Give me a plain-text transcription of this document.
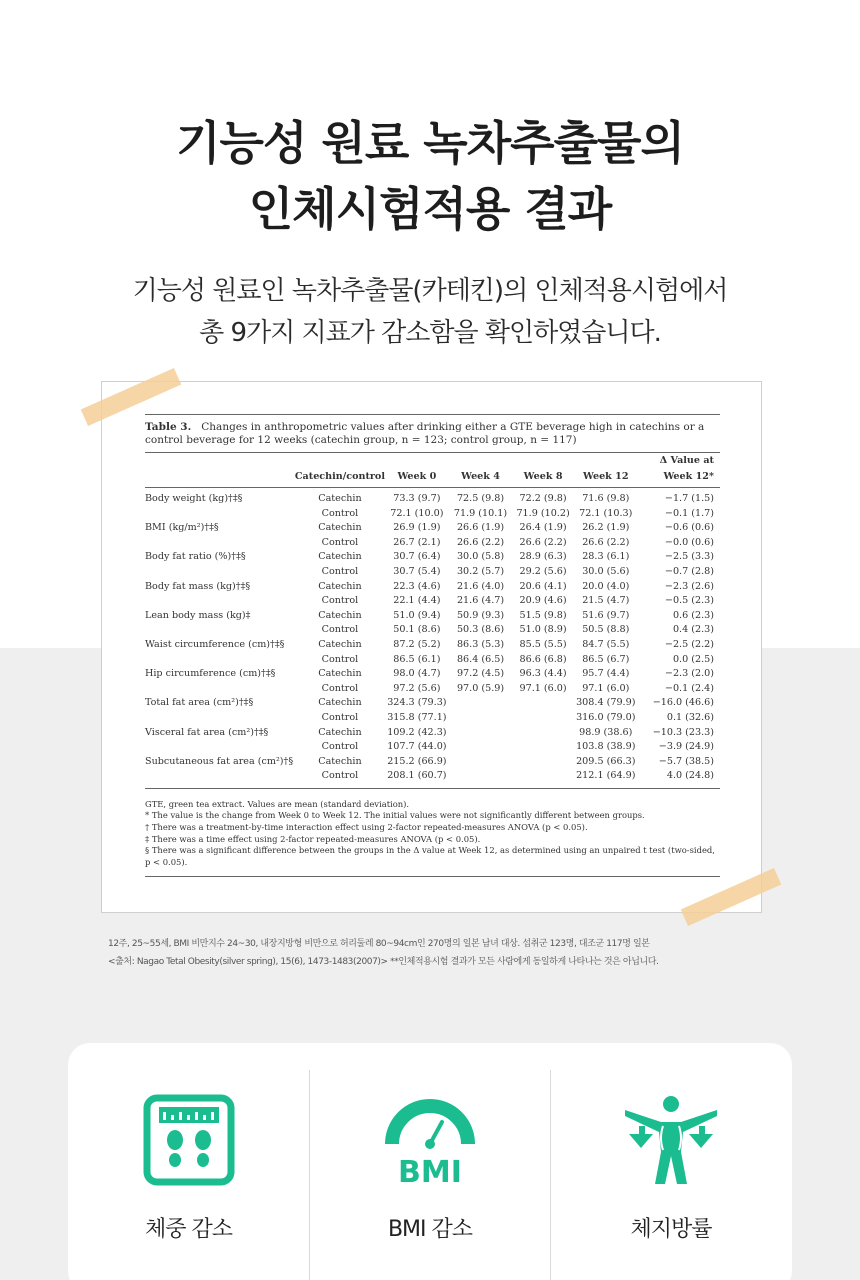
기능성 원료 녹차추출물의
인체시험적용 결과
기능성 원료인 녹차추출물(카테킨)의 인체적용시험에서
총 9가지 지표가 감소함을 확인하였습니다.
Table 3. Changes in anthropometric values after drinking either a GTE beverage high in catechins or a control beverage for 12 weeks (catechin group, n = 123; control group, n = 117)
						Δ Value at
	Catechin/control	Week 0	Week 4	Week 8	Week 12	Week 12*
Body weight (kg)†‡§	Catechin	73.3 (9.7)	72.5 (9.8)	72.2 (9.8)	71.6 (9.8)	−1.7 (1.5)
	Control	72.1 (10.0)	71.9 (10.1)	71.9 (10.2)	72.1 (10.3)	−0.1 (1.7)
BMI (kg/m²)†‡§	Catechin	26.9 (1.9)	26.6 (1.9)	26.4 (1.9)	26.2 (1.9)	−0.6 (0.6)
	Control	26.7 (2.1)	26.6 (2.2)	26.6 (2.2)	26.6 (2.2)	−0.0 (0.6)
Body fat ratio (%)†‡§	Catechin	30.7 (6.4)	30.0 (5.8)	28.9 (6.3)	28.3 (6.1)	−2.5 (3.3)
	Control	30.7 (5.4)	30.2 (5.7)	29.2 (5.6)	30.0 (5.6)	−0.7 (2.8)
Body fat mass (kg)†‡§	Catechin	22.3 (4.6)	21.6 (4.0)	20.6 (4.1)	20.0 (4.0)	−2.3 (2.6)
	Control	22.1 (4.4)	21.6 (4.7)	20.9 (4.6)	21.5 (4.7)	−0.5 (2.3)
Lean body mass (kg)‡	Catechin	51.0 (9.4)	50.9 (9.3)	51.5 (9.8)	51.6 (9.7)	0.6 (2.3)
	Control	50.1 (8.6)	50.3 (8.6)	51.0 (8.9)	50.5 (8.8)	0.4 (2.3)
Waist circumference (cm)†‡§	Catechin	87.2 (5.2)	86.3 (5.3)	85.5 (5.5)	84.7 (5.5)	−2.5 (2.2)
	Control	86.5 (6.1)	86.4 (6.5)	86.6 (6.8)	86.5 (6.7)	0.0 (2.5)
Hip circumference (cm)†‡§	Catechin	98.0 (4.7)	97.2 (4.5)	96.3 (4.4)	95.7 (4.4)	−2.3 (2.0)
	Control	97.2 (5.6)	97.0 (5.9)	97.1 (6.0)	97.1 (6.0)	−0.1 (2.4)
Total fat area (cm²)†‡§	Catechin	324.3 (79.3)			308.4 (79.9)	−16.0 (46.6)
	Control	315.8 (77.1)			316.0 (79.0)	0.1 (32.6)
Visceral fat area (cm²)†‡§	Catechin	109.2 (42.3)			98.9 (38.6)	−10.3 (23.3)
	Control	107.7 (44.0)			103.8 (38.9)	−3.9 (24.9)
Subcutaneous fat area (cm²)†§	Catechin	215.2 (66.9)			209.5 (66.3)	−5.7 (38.5)
	Control	208.1 (60.7)			212.1 (64.9)	4.0 (24.8)
GTE, green tea extract. Values are mean (standard deviation).
* The value is the change from Week 0 to Week 12. The initial values were not significantly different between groups.
† There was a treatment-by-time interaction effect using 2-factor repeated-measures ANOVA (p < 0.05).
‡ There was a time effect using 2-factor repeated-measures ANOVA (p < 0.05).
§ There was a significant difference between the groups in the Δ value at Week 12, as determined using an unpaired t test (two-sided, p < 0.05).
12주, 25~55세, BMI 비만지수 24~30, 내장지방형 비만으로 허리둘레 80~94cm인 270명의 일본 남녀 대상. 섭취군 123명, 대조군 117명 일본
<출처: Nagao Tetal Obesity(silver spring), 15(6), 1473-1483(2007)> **인체적용시험 결과가 모든 사람에게 동일하게 나타나는 것은 아닙니다.
체중 감소
BMI
BMI 감소	체지방률
